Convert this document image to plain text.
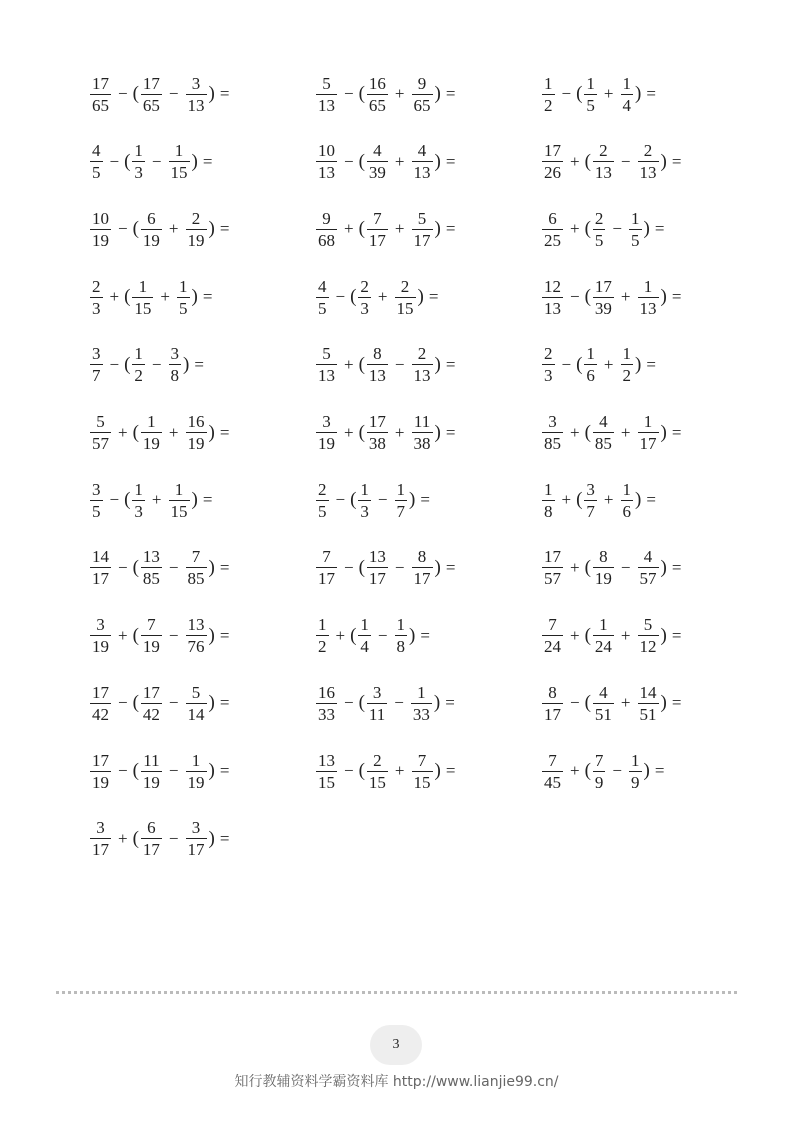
$\frac{17}{65}$ − ( $\frac{17}{65} - \frac{3}{13}$ ) =	$\frac{5}{13}$ − ( $\frac{16}{65} + \frac{9}{65}$ ) =	$\frac{1}{2}$ − ( $\frac{1}{5} + \frac{1}{4}$ ) =
$\frac{4}{5}$ − ( $\frac{1}{3} - \frac{1}{15}$ ) =	$\frac{10}{13}$ − ( $\frac{4}{39} + \frac{4}{13}$ ) =	$\frac{17}{26}$ + ( $\frac{2}{13} - \frac{2}{13}$ ) =
$\frac{10}{19}$ − ( $\frac{6}{19} + \frac{2}{19}$ ) =	$\frac{9}{68}$ + ( $\frac{7}{17} + \frac{5}{17}$ ) =	$\frac{6}{25}$ + ( $\frac{2}{5} - \frac{1}{5}$ ) =
$\frac{2}{3}$ + ( $\frac{1}{15} + \frac{1}{5}$ ) =	$\frac{4}{5}$ − ( $\frac{2}{3} + \frac{2}{15}$ ) =	$\frac{12}{13}$ − ( $\frac{17}{39} + \frac{1}{13}$ ) =
$\frac{3}{7}$ − ( $\frac{1}{2} - \frac{3}{8}$ ) =	$\frac{5}{13}$ + ( $\frac{8}{13} - \frac{2}{13}$ ) =	$\frac{2}{3}$ − ( $\frac{1}{6} + \frac{1}{2}$ ) =
$\frac{5}{57}$ + ( $\frac{1}{19} + \frac{16}{19}$ ) =	$\frac{3}{19}$ + ( $\frac{17}{38} + \frac{11}{38}$ ) =	$\frac{3}{85}$ + ( $\frac{4}{85} + \frac{1}{17}$ ) =
$\frac{3}{5}$ − ( $\frac{1}{3} + \frac{1}{15}$ ) =	$\frac{2}{5}$ − ( $\frac{1}{3} - \frac{1}{7}$ ) =	$\frac{1}{8}$ + ( $\frac{3}{7} + \frac{1}{6}$ ) =
$\frac{14}{17}$ − ( $\frac{13}{85} - \frac{7}{85}$ ) =	$\frac{7}{17}$ − ( $\frac{13}{17} - \frac{8}{17}$ ) =	$\frac{17}{57}$ + ( $\frac{8}{19} - \frac{4}{57}$ ) =
$\frac{3}{19}$ + ( $\frac{7}{19} - \frac{13}{76}$ ) =	$\frac{1}{2}$ + ( $\frac{1}{4} - \frac{1}{8}$ ) =	$\frac{7}{24}$ + ( $\frac{1}{24} + \frac{5}{12}$ ) =
$\frac{17}{42}$ − ( $\frac{17}{42} - \frac{5}{14}$ ) =	$\frac{16}{33}$ − ( $\frac{3}{11} - \frac{1}{33}$ ) =	$\frac{8}{17}$ − ( $\frac{4}{51} + \frac{14}{51}$ ) =
$\frac{17}{19}$ − ( $\frac{11}{19} - \frac{1}{19}$ ) =	$\frac{13}{15}$ − ( $\frac{2}{15} + \frac{7}{15}$ ) =	$\frac{7}{45}$ + ( $\frac{7}{9} - \frac{1}{9}$ ) =
$\frac{3}{17}$ + ( $\frac{6}{17} - \frac{3}{17}$ ) =
3
知行教辅资料学霸资料库 http://www.lianjie99.cn/
